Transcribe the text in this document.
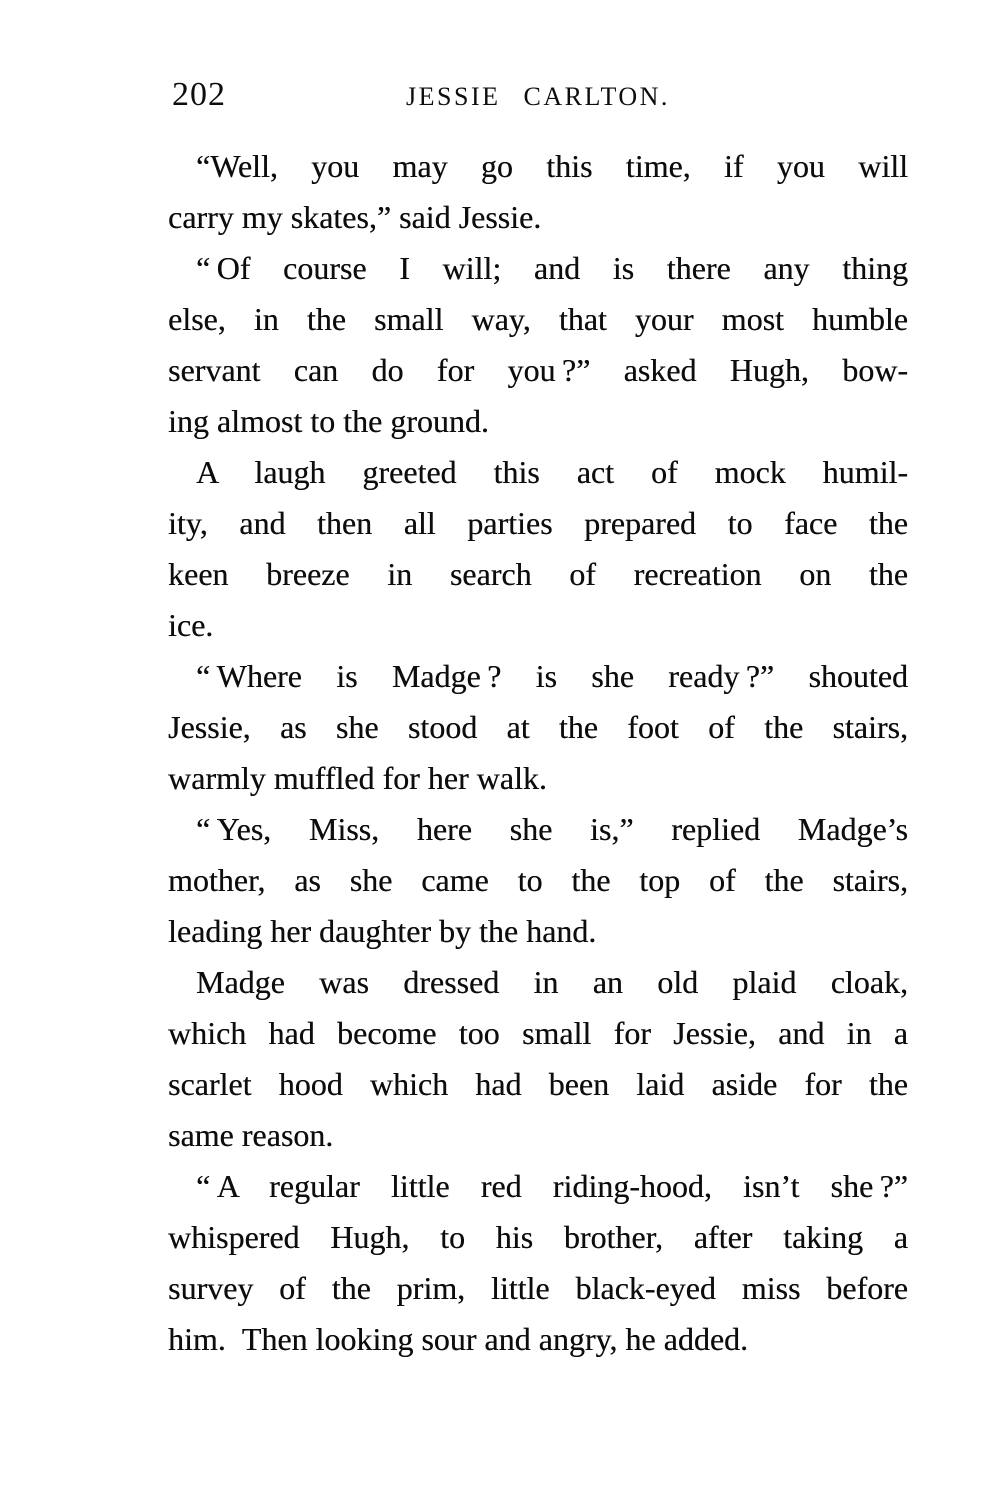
202	JESSIE CARLTON.
“Well, you may go this time, if you will
carry my skates,” said Jessie.
“ Of course I will; and is there any thing
else, in the small way, that your most humble
servant can do for you ?” asked Hugh, bow-
ing almost to the ground.
A laugh greeted this act of mock humil-
ity, and then all parties prepared to face the
keen breeze in search of recreation on the
ice.
“ Where is Madge ? is she ready ?” shouted
Jessie, as she stood at the foot of the stairs,
warmly muffled for her walk.
“ Yes, Miss, here she is,” replied Madge’s
mother, as she came to the top of the stairs,
leading her daughter by the hand.
Madge was dressed in an old plaid cloak,
which had become too small for Jessie, and in a
scarlet hood which had been laid aside for the
same reason.
“ A regular little red riding-hood, isn’t she ?”
whispered Hugh, to his brother, after taking a
survey of the prim, little black-eyed miss before
him. Then looking sour and angry, he added.
